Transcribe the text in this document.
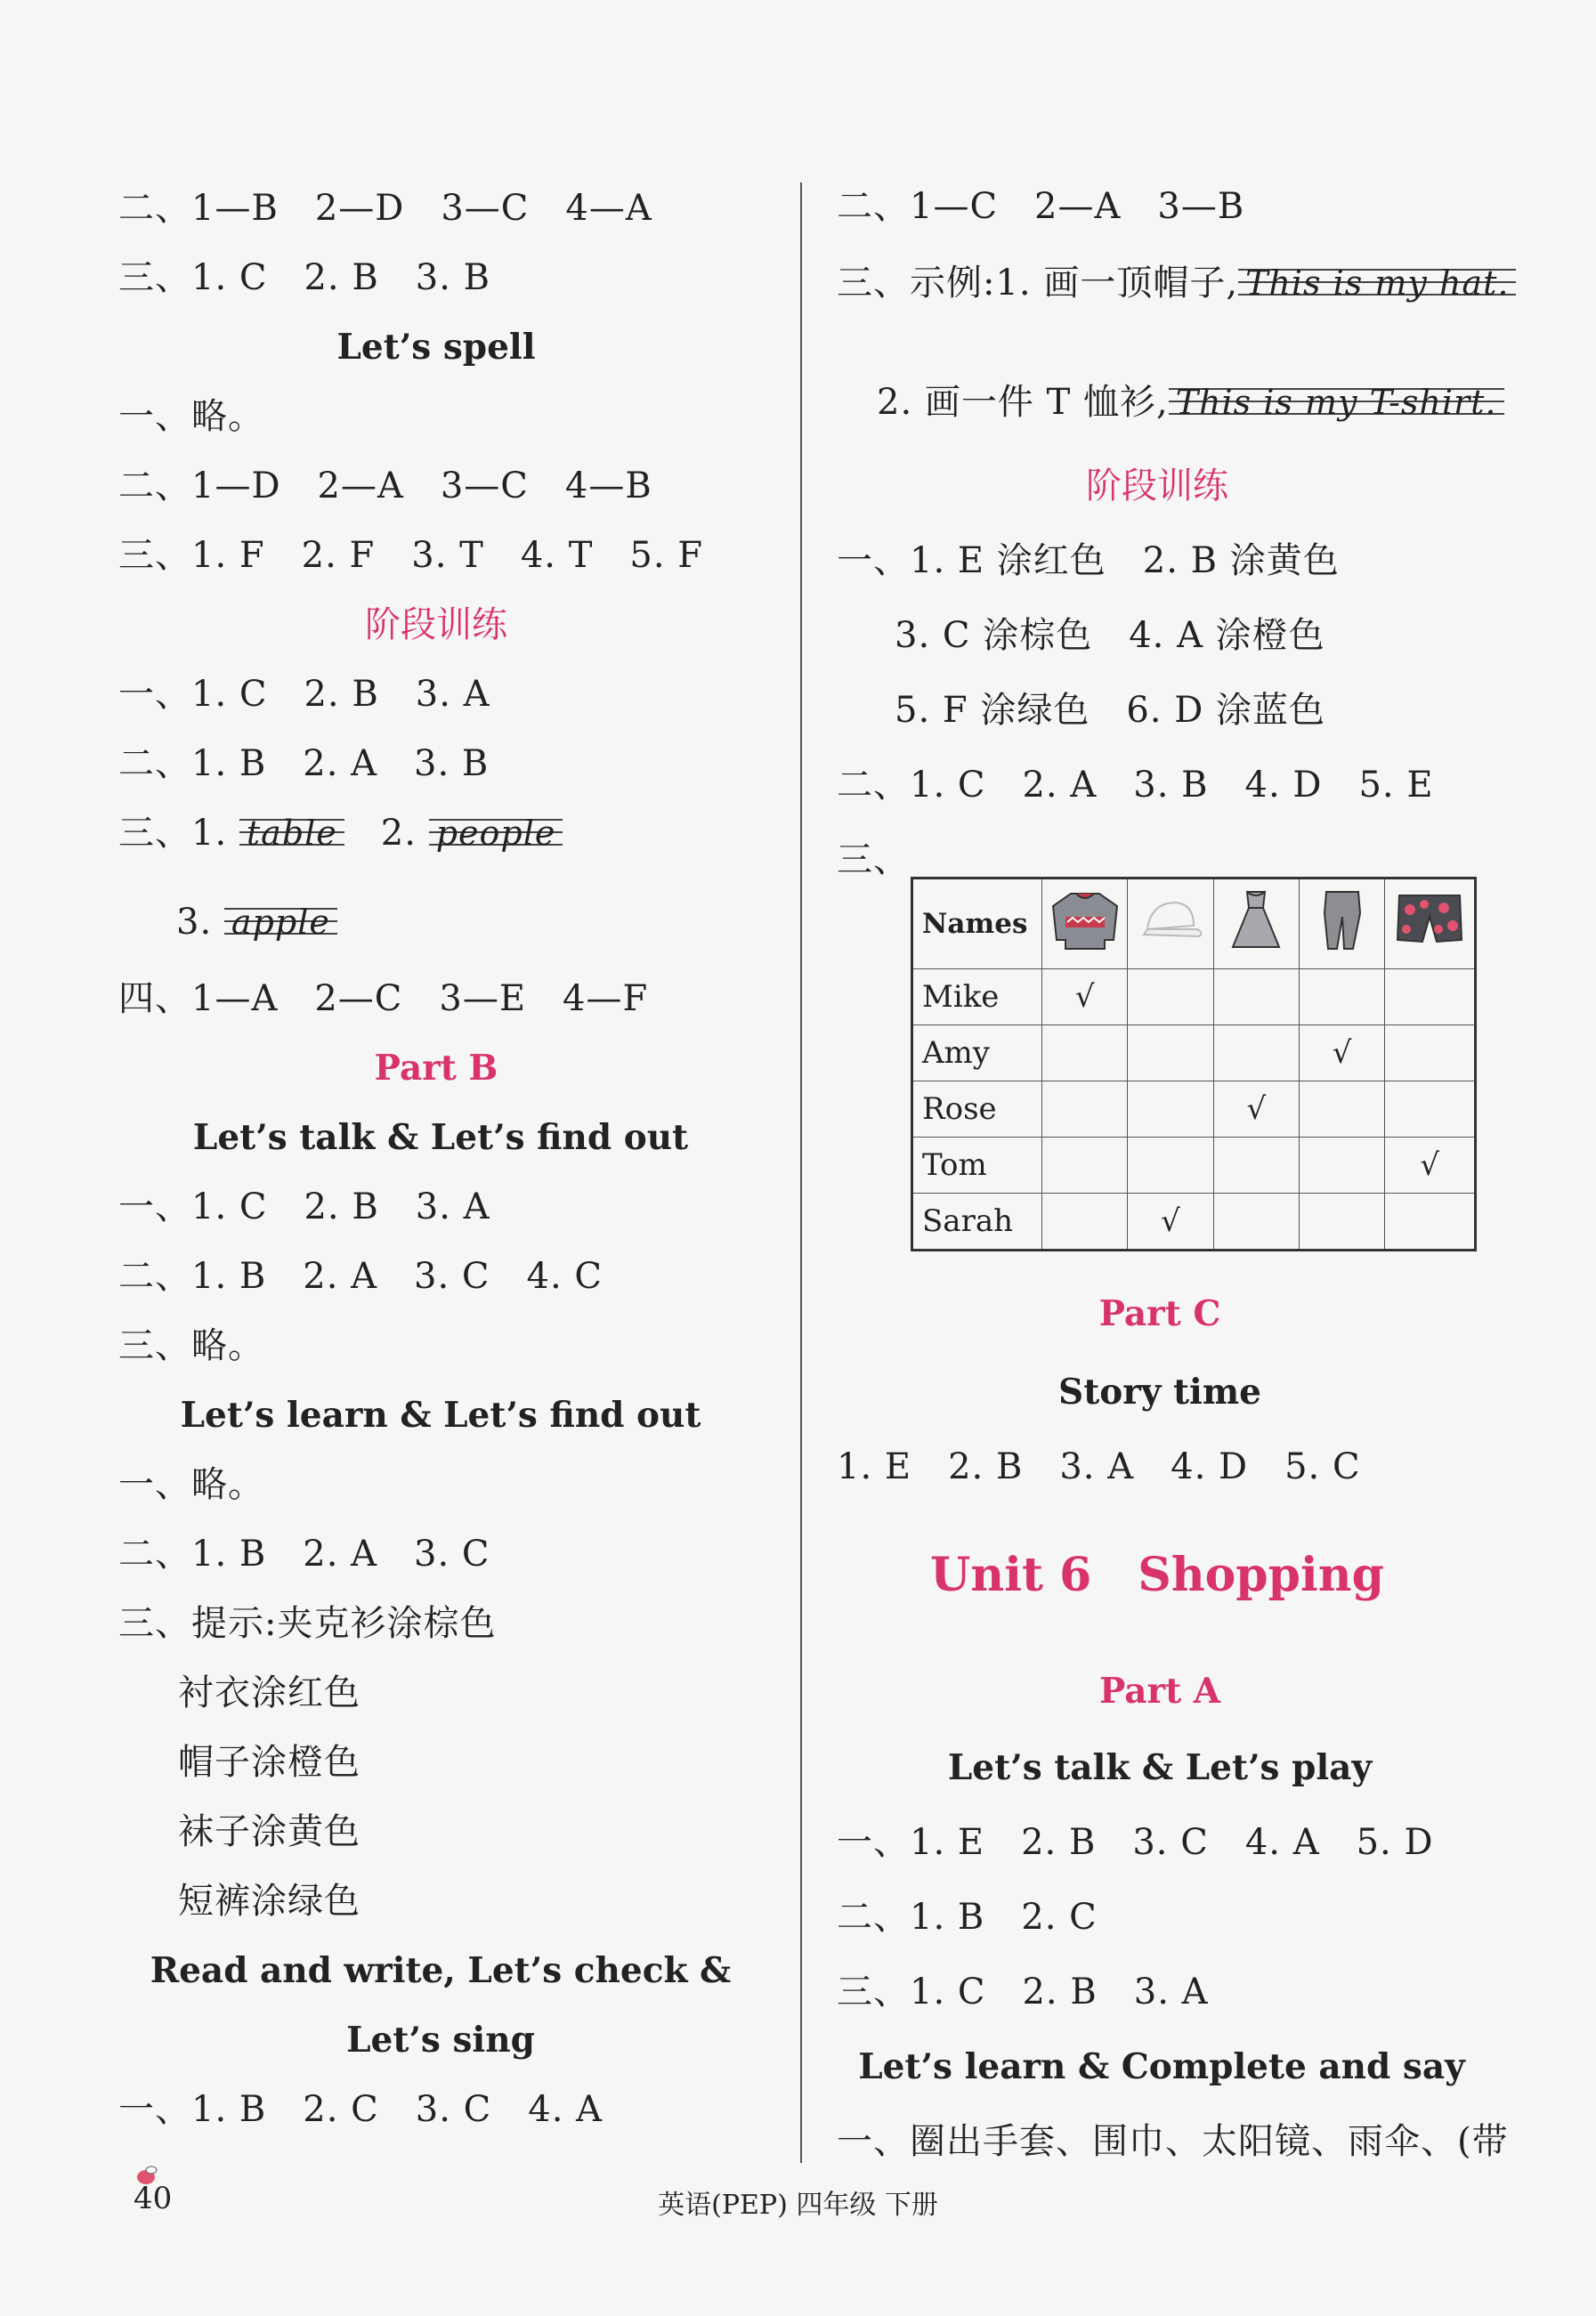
二、1—B　2—D　3—C　4—A
三、1. C　2. B　3. B
Let’s spell
一、略。
二、1—D　2—A　3—C　4—B
三、1. F　2. F　3. T　4. T　5. F
阶段训练
一、1. C　2. B　3. A
二、1. B　2. A　3. B
三、1. table　2. people
3. apple
四、1—A　2—C　3—E　4—F
Part B
Let’s talk & Let’s find out
一、1. C　2. B　3. A
二、1. B　2. A　3. C　4. C
三、略。
Let’s learn & Let’s find out
一、略。
二、1. B　2. A　3. C
三、提示:夹克衫涂棕色
衬衣涂红色
帽子涂橙色
袜子涂黄色
短裤涂绿色
Read and write, Let’s check &
Let’s sing
一、1. B　2. C　3. C　4. A
二、1—C　2—A　3—B
三、示例:1. 画一顶帽子, This is my hat.
2. 画一件 T 恤衫, This is my T-shirt.
阶段训练
一、1. E 涂红色　2. B 涂黄色
3. C 涂棕色　4. A 涂橙色
5. F 涂绿色　6. D 涂蓝色
二、1. C　2. A　3. B　4. D　5. E
三、
Names					
Mike	√				
Amy				√	
Rose			√		
Tom					√
Sarah		√			
Part C
Story time
1. E　2. B　3. A　4. D　5. C
Unit 6　Shopping
Part A
Let’s talk & Let’s play
一、1. E　2. B　3. C　4. A　5. D
二、1. B　2. C
三、1. C　2. B　3. A
Let’s learn & Complete and say
一、圈出手套、围巾、太阳镜、雨伞、(带
40	英语(PEP) 四年级 下册
